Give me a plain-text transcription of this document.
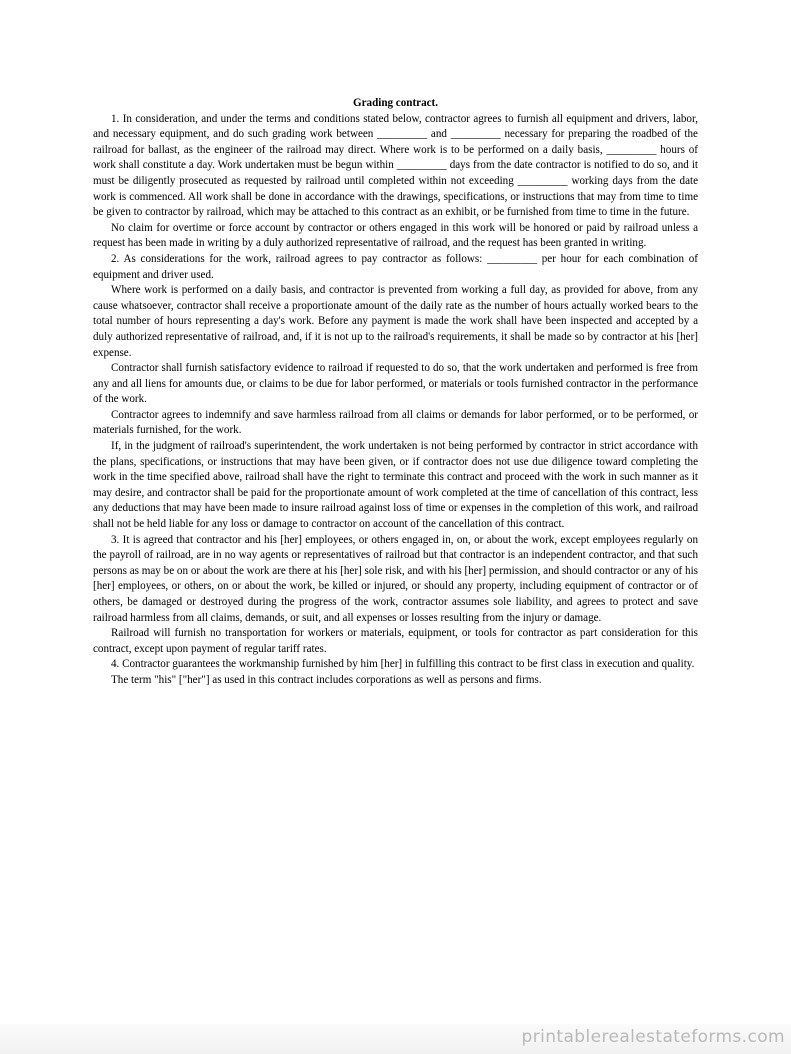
Grading contract.

1. In consideration, and under the terms and conditions stated below, contractor agrees to furnish all equipment and drivers, labor, and necessary equipment, and do such grading work between _________ and _________ necessary for preparing the roadbed of the railroad for ballast, as the engineer of the railroad may direct. Where work is to be performed on a daily basis, _________ hours of work shall constitute a day. Work undertaken must be begun within _________ days from the date contractor is notified to do so, and it must be diligently prosecuted as requested by railroad until completed within not exceeding _________ working days from the date work is commenced. All work shall be done in accordance with the drawings, specifications, or instructions that may from time to time be given to contractor by railroad, which may be attached to this contract as an exhibit, or be furnished from time to time in the future.

No claim for overtime or force account by contractor or others engaged in this work will be honored or paid by railroad unless a request has been made in writing by a duly authorized representative of railroad, and the request has been granted in writing.

2. As considerations for the work, railroad agrees to pay contractor as follows: _________ per hour for each combination of equipment and driver used.

Where work is performed on a daily basis, and contractor is prevented from working a full day, as provided for above, from any cause whatsoever, contractor shall receive a proportionate amount of the daily rate as the number of hours actually worked bears to the total number of hours representing a day's work. Before any payment is made the work shall have been inspected and accepted by a duly authorized representative of railroad, and, if it is not up to the railroad's requirements, it shall be made so by contractor at his [her] expense.

Contractor shall furnish satisfactory evidence to railroad if requested to do so, that the work undertaken and performed is free from any and all liens for amounts due, or claims to be due for labor performed, or materials or tools furnished contractor in the performance of the work.

Contractor agrees to indemnify and save harmless railroad from all claims or demands for labor performed, or to be performed, or materials furnished, for the work.

If, in the judgment of railroad's superintendent, the work undertaken is not being performed by contractor in strict accordance with the plans, specifications, or instructions that may have been given, or if contractor does not use due diligence toward completing the work in the time specified above, railroad shall have the right to terminate this contract and proceed with the work in such manner as it may desire, and contractor shall be paid for the proportionate amount of work completed at the time of cancellation of this contract, less any deductions that may have been made to insure railroad against loss of time or expenses in the completion of this work, and railroad shall not be held liable for any loss or damage to contractor on account of the cancellation of this contract.

3. It is agreed that contractor and his [her] employees, or others engaged in, on, or about the work, except employees regularly on the payroll of railroad, are in no way agents or representatives of railroad but that contractor is an independent contractor, and that such persons as may be on or about the work are there at his [her] sole risk, and with his [her] permission, and should contractor or any of his [her] employees, or others, on or about the work, be killed or injured, or should any property, including equipment of contractor or of others, be damaged or destroyed during the progress of the work, contractor assumes sole liability, and agrees to protect and save railroad harmless from all claims, demands, or suit, and all expenses or losses resulting from the injury or damage.

Railroad will furnish no transportation for workers or materials, equipment, or tools for contractor as part consideration for this contract, except upon payment of regular tariff rates.

4. Contractor guarantees the workmanship furnished by him [her] in fulfilling this contract to be first class in execution and quality.

The term "his" ["her"] as used in this contract includes corporations as well as persons and firms.

printablerealestateforms.com
